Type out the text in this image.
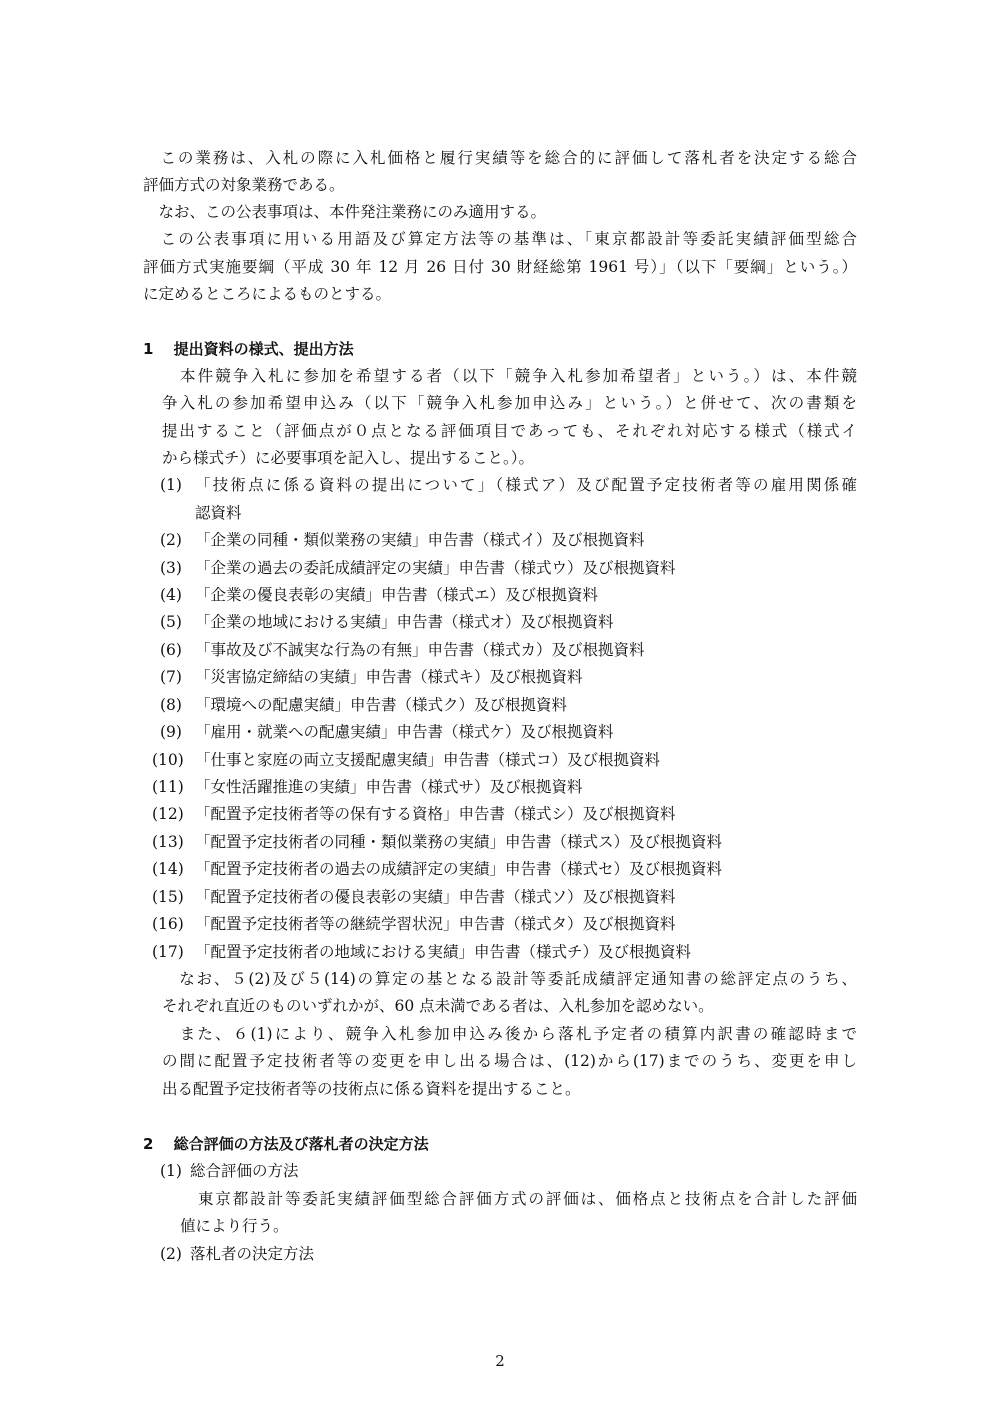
　この業務は、入札の際に入札価格と履行実績等を総合的に評価して落札者を決定する総合
評価方式の対象業務である。
　なお、この公表事項は、本件発注業務にのみ適用する。
　この公表事項に用いる用語及び算定方法等の基準は、「東京都設計等委託実績評価型総合
評価方式実施要綱（平成 30 年 12 月 26 日付 30 財経総第 1961 号）」（以下「要綱」という。）
に定めるところによるものとする。
1　 提出資料の様式、提出方法
本件競争入札に参加を希望する者（以下「競争入札参加希望者」という。）は、本件競
争入札の参加希望申込み（以下「競争入札参加申込み」という。）と併せて、次の書類を
提出すること（評価点が０点となる評価項目であっても、それぞれ対応する様式（様式イ
から様式チ）に必要事項を記入し、提出すること。）。
(1) 「技術点に係る資料の提出について」（様式ア）及び配置予定技術者等の雇用関係確
認資料
(2) 「企業の同種・類似業務の実績」申告書（様式イ）及び根拠資料
(3) 「企業の過去の委託成績評定の実績」申告書（様式ウ）及び根拠資料
(4) 「企業の優良表彰の実績」申告書（様式エ）及び根拠資料
(5) 「企業の地域における実績」申告書（様式オ）及び根拠資料
(6) 「事故及び不誠実な行為の有無」申告書（様式カ）及び根拠資料
(7) 「災害協定締結の実績」申告書（様式キ）及び根拠資料
(8) 「環境への配慮実績」申告書（様式ク）及び根拠資料
(9) 「雇用・就業への配慮実績」申告書（様式ケ）及び根拠資料
(10) 「仕事と家庭の両立支援配慮実績」申告書（様式コ）及び根拠資料
(11) 「女性活躍推進の実績」申告書（様式サ）及び根拠資料
(12) 「配置予定技術者等の保有する資格」申告書（様式シ）及び根拠資料
(13) 「配置予定技術者の同種・類似業務の実績」申告書（様式ス）及び根拠資料
(14) 「配置予定技術者の過去の成績評定の実績」申告書（様式セ）及び根拠資料
(15) 「配置予定技術者の優良表彰の実績」申告書（様式ソ）及び根拠資料
(16) 「配置予定技術者等の継続学習状況」申告書（様式タ）及び根拠資料
(17) 「配置予定技術者の地域における実績」申告書（様式チ）及び根拠資料
　なお、５(2)及び５(14)の算定の基となる設計等委託成績評定通知書の総評定点のうち、
それぞれ直近のものいずれかが、60 点未満である者は、入札参加を認めない。
　また、６(1)により、競争入札参加申込み後から落札予定者の積算内訳書の確認時まで
の間に配置予定技術者等の変更を申し出る場合は、(12)から(17)までのうち、変更を申し
出る配置予定技術者等の技術点に係る資料を提出すること。
2　 総合評価の方法及び落札者の決定方法
(1) 総合評価の方法
東京都設計等委託実績評価型総合評価方式の評価は、価格点と技術点を合計した評価
値により行う。
(2) 落札者の決定方法
2
